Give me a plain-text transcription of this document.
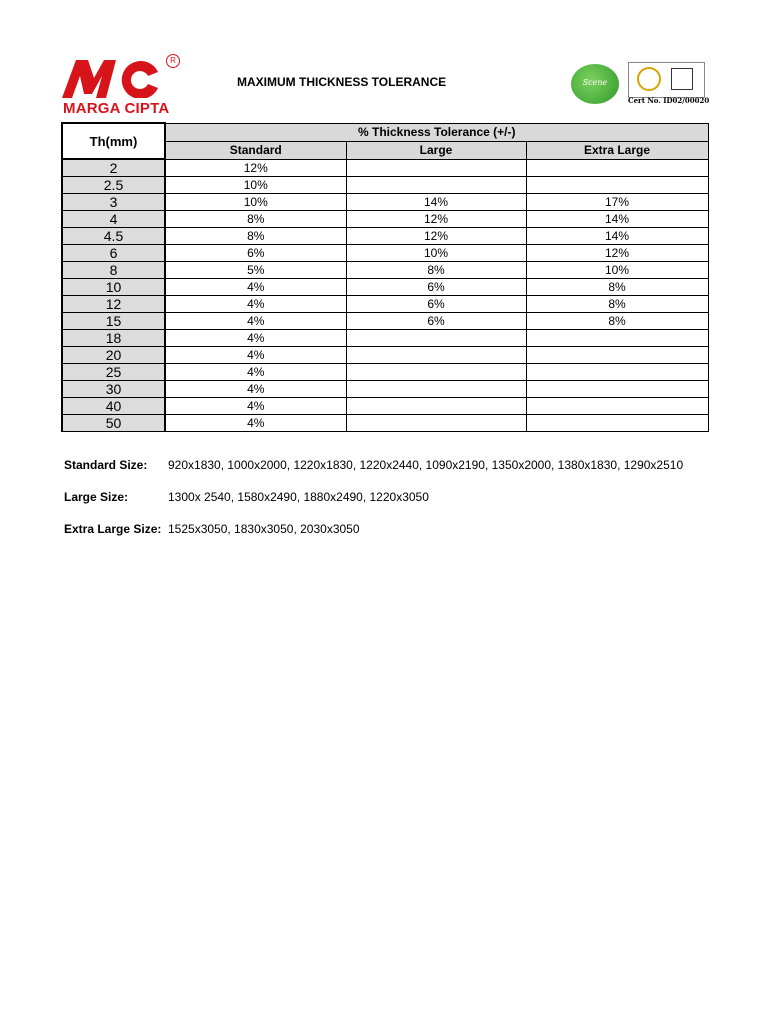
R
MARGA CIPTA
MAXIMUM THICKNESS TOLERANCE	Scene
Cert No. ID02/00020
Th(mm)	% Thickness Tolerance (+/-)		
	Standard	Large	Extra Large
2	12%		
2.5	10%		
3	10%	14%	17%
4	8%	12%	14%
4.5	8%	12%	14%
6	6%	10%	12%
8	5%	8%	10%
10	4%	6%	8%
12	4%	6%	8%
15	4%	6%	8%
18	4%		
20	4%		
25	4%		
30	4%		
40	4%		
50	4%		
Standard Size: 920x1830, 1000x2000, 1220x1830, 1220x2440, 1090x2190, 1350x2000, 1380x1830, 1290x2510
Large Size:	1300x 2540, 1580x2490, 1880x2490, 1220x3050
Extra Large Size: 1525x3050, 1830x3050, 2030x3050
